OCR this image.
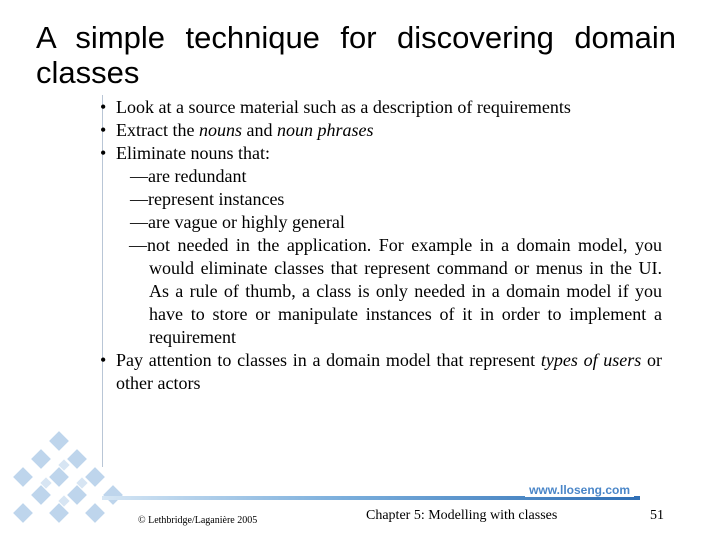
A simple technique for discovering domain classes
• Look at a source material such as a description of requirements
• Extract the nouns and noun phrases
• Eliminate nouns that:
—are redundant
—represent instances
—are vague or highly general
—not needed in the application. For example in a domain model, you would eliminate classes that represent command or menus in the UI. As a rule of thumb, a class is only needed in a domain model if you have to store or manipulate instances of it in order to implement a requirement
• Pay attention to classes in a domain model that represent types of users or other actors
www.lloseng.com
© Lethbridge/Laganière 2005	Chapter 5: Modelling with classes	51
